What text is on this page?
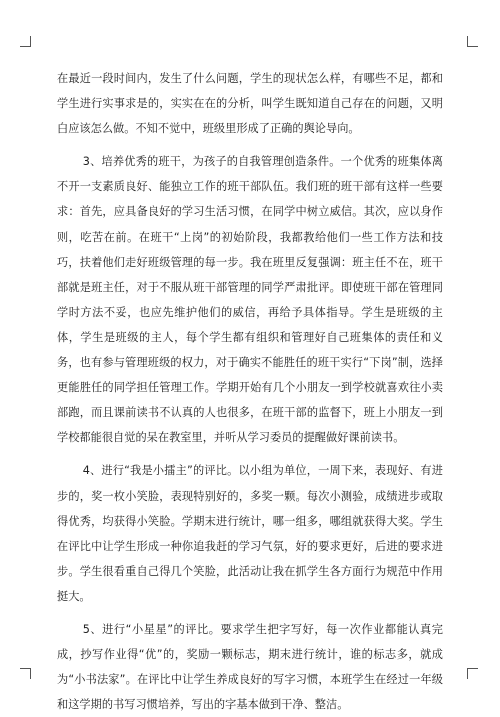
在最近一段时间内，发生了什么问题，学生的现状怎么样，有哪些不足，都和学生进行实事求是的，实实在在的分析，叫学生既知道自己存在的问题，又明白应该怎么做。不知不觉中，班级里形成了正确的舆论导向。

3、培养优秀的班干，为孩子的自我管理创造条件。一个优秀的班集体离不开一支素质良好、能独立工作的班干部队伍。我们班的班干部有这样一些要求：首先，应具备良好的学习生活习惯，在同学中树立威信。其次，应以身作则，吃苦在前。在班干“上岗”的初始阶段，我都教给他们一些工作方法和技巧，扶着他们走好班级管理的每一步。我在班里反复强调：班主任不在，班干部就是班主任，对于不服从班干部管理的同学严肃批评。即使班干部在管理同学时方法不妥，也应先维护他们的威信，再给予具体指导。学生是班级的主体，学生是班级的主人，每个学生都有组织和管理好自己班集体的责任和义务，也有参与管理班级的权力，对于确实不能胜任的班干实行“下岗”制，选择更能胜任的同学担任管理工作。学期开始有几个小朋友一到学校就喜欢往小卖部跑，而且课前读书不认真的人也很多，在班干部的监督下，班上小朋友一到学校都能很自觉的呆在教室里，并听从学习委员的提醒做好课前读书。

4、进行“我是小擂主”的评比。以小组为单位，一周下来，表现好、有进步的，奖一枚小笑脸，表现特别好的，多奖一颗。每次小测验，成绩进步或取得优秀，均获得小笑脸。学期末进行统计，哪一组多，哪组就获得大奖。学生在评比中让学生形成一种你追我赶的学习气氛，好的要求更好，后进的要求进步。学生很看重自己得几个笑脸，此活动让我在抓学生各方面行为规范中作用挺大。

5、进行“小星星”的评比。要求学生把字写好，每一次作业都能认真完成，抄写作业得“优”的，奖励一颗标志，期末进行统计，谁的标志多，就成为“小书法家”。在评比中让学生养成良好的写字习惯，本班学生在经过一年级和这学期的书写习惯培养，写出的字基本做到干净、整洁。
